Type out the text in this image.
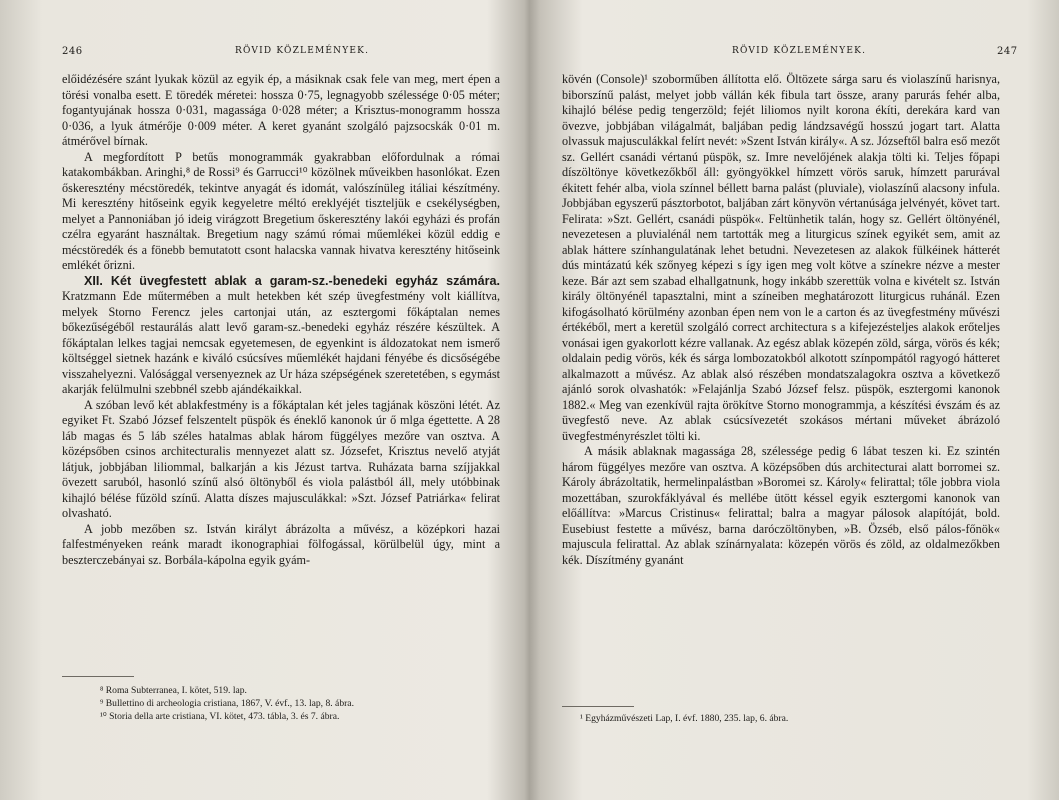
246	RÖVID KÖZLEMÉNYEK.

előidézésére szánt lyukak közül az egyik ép, a másiknak csak fele van meg, mert épen a törési vonalba esett. E töredék méretei: hossza 0·75, legnagyobb szélessége 0·05 méter; fogantyujának hossza 0·031, magassága 0·028 méter; a Krisztus-monogramm hossza 0·036, a lyuk átmérője 0·009 méter. A keret gyanánt szolgáló pajzsocskák 0·01 m. átmérővel bírnak.

A megfordított P betűs monogrammák gyakrabban előfordulnak a római katakombákban. Aringhi,⁸ de Rossi⁹ és Garrucci¹⁰ közölnek műveikben hasonlókat. Ezen őskeresztény mécstöredék, tekintve anyagát és idomát, valószínüleg itáliai készítmény. Mi keresztény hitőseink egyik kegyeletre méltó ereklyéjét tiszteljük e csekélységben, melyet a Pannoniában jó ideig virágzott Bregetium őskeresztény lakói egyházi és profán czélra egyaránt használtak. Bregetium nagy számú római műemlékei közül eddig e mécstöredék és a fönebb bemutatott csont halacska vannak hivatva keresztény hitőseink emlékét őrizni.

XII. Két üvegfestett ablak a garam-sz.-benedeki egyház számára. Kratzmann Ede műtermében a mult hetekben két szép üvegfestmény volt kiállítva, melyek Storno Ferencz jeles cartonjai után, az esztergomi főkáptalan nemes bőkezűségéből restaurálás alatt levő garam-sz.-benedeki egyház részére készültek. A főkáptalan lelkes tagjai nemcsak egyetemesen, de egyenkint is áldozatokat nem ismerő költséggel sietnek hazánk e kiváló csúcsíves műemlékét hajdani fényébe és dicsőségébe visszahelyezni. Valósággal versenyeznek az Ur háza szépségének szeretetében, s egymást akarják felülmulni szebbnél szebb ajándékaikkal.

A szóban levő két ablakfestmény is a főkáptalan két jeles tagjának köszöni létét. Az egyiket Ft. Szabó József felszentelt püspök és éneklő kanonok úr ő mlga égettette. A 28 láb magas és 5 láb széles hatalmas ablak három függélyes mezőre van osztva. A középsőben csinos architecturalis mennyezet alatt sz. Józsefet, Krisztus nevelő atyját látjuk, jobbjában liliommal, balkarján a kis Jézust tartva. Ruházata barna szíjjakkal övezett saruból, hasonló színű alsó öltönyből és viola palástból áll, mely utóbbinak kihajló bélése fűzöld színű. Alatta díszes majusculákkal: »Szt. József Patriárka« felirat olvasható.

A jobb mezőben sz. István királyt ábrázolta a művész, a középkori hazai falfestményeken reánk maradt ikonographiai fölfogással, körülbelül úgy, mint a beszterczebányai sz. Borbála-kápolna egyik gyám-

⁸ Roma Subterranea, I. kötet, 519. lap.
⁹ Bullettino di archeologia cristiana, 1867, V. évf., 13. lap, 8. ábra.
¹⁰ Storia della arte cristiana, VI. kötet, 473. tábla, 3. és 7. ábra.
RÖVID KÖZLEMÉNYEK.	247

kövén (Console)¹ szoborműben állította elő. Öltözete sárga saru és violaszínű harisnya, biborszínű palást, melyet jobb vállán kék fibula tart össze, arany parurás fehér alba, kihajló bélése pedig tengerzöld; fejét liliomos nyilt korona ékíti, derekára kard van övezve, jobbjában világalmát, baljában pedig lándzsavégű hosszú jogart tart. Alatta olvassuk majusculákkal felírt nevét: »Szent István király«. A sz. Józseftől balra eső mezőt sz. Gellért csanádi vértanú püspök, sz. Imre nevelőjének alakja tölti ki. Teljes főpapi díszöltönye következőkből áll: gyöngyökkel hímzett vörös saruk, hímzett parurával ékitett fehér alba, viola színnel béllett barna palást (pluviale), violaszínű alacsony infula. Jobbjában egyszerű pásztorbotot, baljában zárt könyvön vértanúsága jelvényét, követ tart. Felirata: »Szt. Gellért, csanádi püspök«. Feltünhetik talán, hogy sz. Gellért öltönyénél, nevezetesen a pluvialénál nem tartották meg a liturgicus színek egyikét sem, amit az ablak háttere színhangulatának lehet betudni. Nevezetesen az alakok fülkéinek hátterét dús mintázatú kék szőnyeg képezi s így igen meg volt kötve a színekre nézve a mester keze. Bár azt sem szabad elhallgatnunk, hogy inkább szerettük volna e kivételt sz. István király öltönyénél tapasztalni, mint a színeiben meghatározott liturgicus ruhánál. Ezen kifogásolható körülmény azonban épen nem von le a carton és az üvegfestmény művészi értékéből, mert a keretül szolgáló correct architectura s a kifejezésteljes alakok erőteljes vonásai igen gyakorlott kézre vallanak. Az egész ablak közepén zöld, sárga, vörös és kék; oldalain pedig vörös, kék és sárga lombozatokból alkotott színpompától ragyogó hátteret alkalmazott a művész. Az ablak alsó részében mondatszalagokra osztva a következő ajánló sorok olvashatók: »Felajánlja Szabó József felsz. püspök, esztergomi kanonok 1882.« Meg van ezenkívül rajta örökítve Storno monogrammja, a készítési évszám és az üvegfestő neve. Az ablak csúcsívezetét szokásos mértani műveket ábrázoló üvegfestményrészlet tölti ki.

A másik ablaknak magassága 28, szélessége pedig 6 lábat teszen ki. Ez szintén három függélyes mezőre van osztva. A középsőben dús architecturai alatt borromei sz. Károly ábrázoltatik, hermelinpalástban »Boromei sz. Károly« felirattal; tőle jobbra viola mozettában, szurokfáklyával és mellébe ütött késsel egyik esztergomi kanonok van előállítva: »Marcus Cristinus« felirattal; balra a magyar pálosok alapítóját, bold. Eusebiust festette a művész, barna daróczöltönyben, »B. Özséb, első pálos-főnök« majuscula felirattal. Az ablak színárnyalata: közepén vörös és zöld, az oldalmezőkben kék. Díszítmény gyanánt

¹ Egyházművészeti Lap, I. évf. 1880, 235. lap, 6. ábra.
